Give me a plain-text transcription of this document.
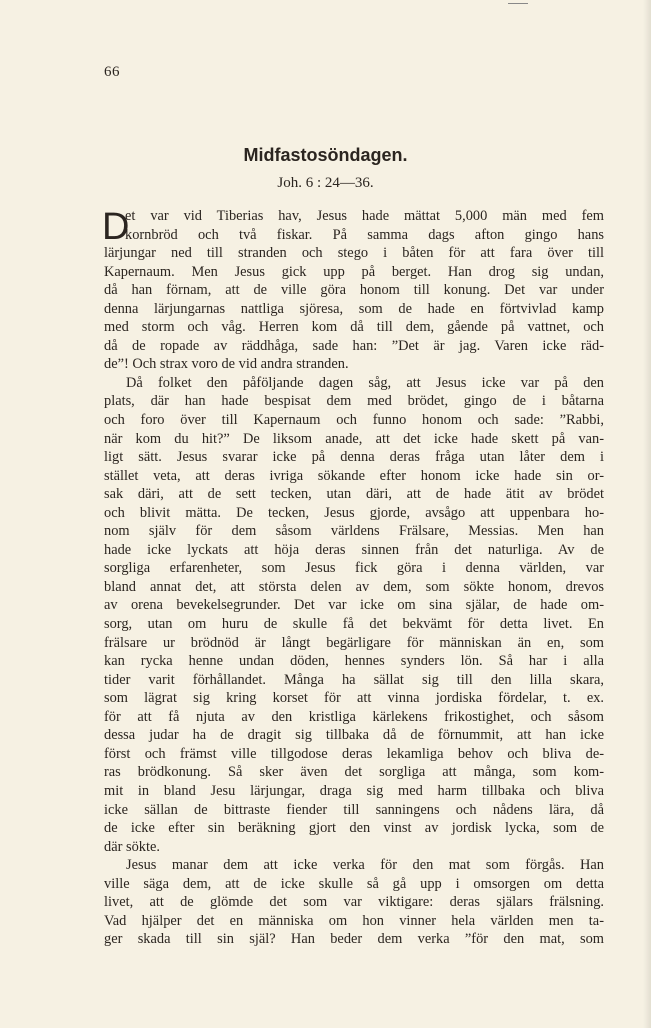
66
Midfastosöndagen.
Joh. 6 : 24—36.
D
et var vid Tiberias hav, Jesus hade mättat 5,000 män med fem
kornbröd och två fiskar. På samma dags afton gingo hans
lärjungar ned till stranden och stego i båten för att fara över till
Kapernaum. Men Jesus gick upp på berget. Han drog sig undan,
då han förnam, att de ville göra honom till konung. Det var under
denna lärjungarnas nattliga sjöresa, som de hade en förtvivlad kamp
med storm och våg. Herren kom då till dem, gående på vattnet, och
då de ropade av räddhåga, sade han: ”Det är jag. Varen icke räd-
de”! Och strax voro de vid andra stranden.
Då folket den påföljande dagen såg, att Jesus icke var på den
plats, där han hade bespisat dem med brödet, gingo de i båtarna
och foro över till Kapernaum och funno honom och sade: ”Rabbi,
när kom du hit?” De liksom anade, att det icke hade skett på van-
ligt sätt. Jesus svarar icke på denna deras fråga utan låter dem i
stället veta, att deras ivriga sökande efter honom icke hade sin or-
sak däri, att de sett tecken, utan däri, att de hade ätit av brödet
och blivit mätta. De tecken, Jesus gjorde, avsågo att uppenbara ho-
nom själv för dem såsom världens Frälsare, Messias. Men han
hade icke lyckats att höja deras sinnen från det naturliga. Av de
sorgliga erfarenheter, som Jesus fick göra i denna världen, var
bland annat det, att största delen av dem, som sökte honom, drevos
av orena bevekelsegrunder. Det var icke om sina själar, de hade om-
sorg, utan om huru de skulle få det bekvämt för detta livet. En
frälsare ur brödnöd är långt begärligare för människan än en, som
kan rycka henne undan döden, hennes synders lön. Så har i alla
tider varit förhållandet. Många ha sällat sig till den lilla skara,
som lägrat sig kring korset för att vinna jordiska fördelar, t. ex.
för att få njuta av den kristliga kärlekens frikostighet, och såsom
dessa judar ha de dragit sig tillbaka då de förnummit, att han icke
först och främst ville tillgodose deras lekamliga behov och bliva de-
ras brödkonung. Så sker även det sorgliga att många, som kom-
mit in bland Jesu lärjungar, draga sig med harm tillbaka och bliva
icke sällan de bittraste fiender till sanningens och nådens lära, då
de icke efter sin beräkning gjort den vinst av jordisk lycka, som de
där sökte.
Jesus manar dem att icke verka för den mat som förgås. Han
ville säga dem, att de icke skulle så gå upp i omsorgen om detta
livet, att de glömde det som var viktigare: deras själars frälsning.
Vad hjälper det en människa om hon vinner hela världen men ta-
ger skada till sin själ? Han beder dem verka ”för den mat, som
